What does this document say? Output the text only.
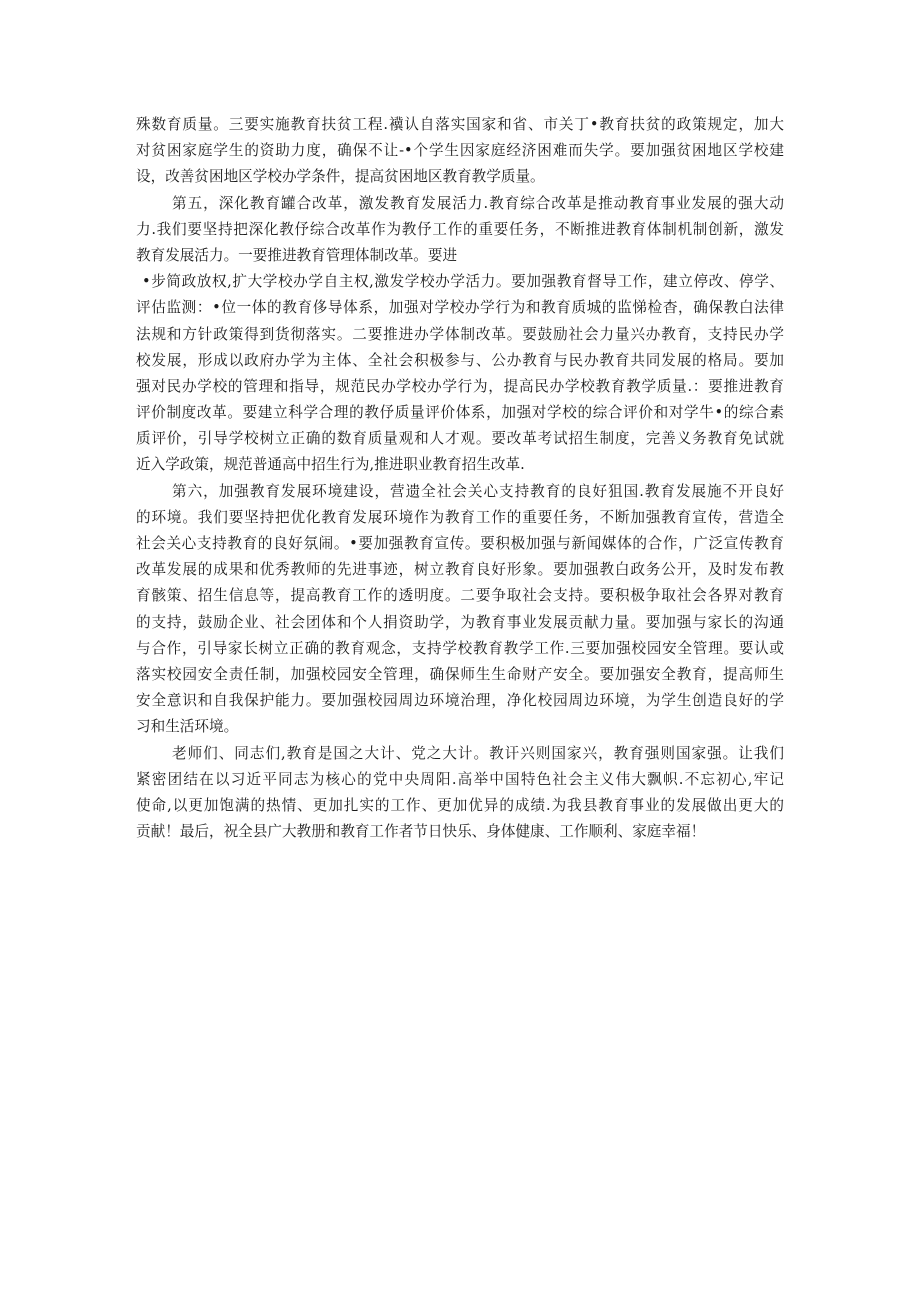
殊数育质量。三要实施教育扶贫工程.䙫认自落实国家和省、市关丁•教育扶贫的政策规定，加大
对贫困家庭学生的资助力度，确保不让-•个学生因家庭经济困难而失学。要加强贫困地区学校建
设，改善贫困地区学校办学条件，提高贫困地区教育教学质量。
第五，深化教育罐合改革，激发教育发展活力.教育综合改革是推动教育事业发展的强大动
力.我们要坚持把深化教伃综合改革作为教伃工作的重要任务，不断推进教育体制机制创新，激发
教育发展活力。一要推进教育管理体制改革。要进
•步简政放权,扩大学校办学自主权,激发学校办学活力。要加强教育督导工作，建立停改、停学、
评估监测：•位一体的教育侈导体系，加强对学校办学行为和教育质城的监悌检杳，确保教白法律
法规和方针政策得到货彻落实。二要推进办学体制改革。要鼓励社会力量兴办教育，支持民办学
校发展，形成以政府办学为主体、全社会积极参与、公办教育与民办教育共同发展的格局。要加
强对民办学校的管理和指导，规范民办学校办学行为，提高民办学校教育教学质量.：要推进教育
评价制度改革。要建立科学合理的教伃质量评价体系，加强对学校的综合评价和对学牛•的综合素
质评价，引导学校树立正确的数育质量观和人才观。要改革考试招生制度，完善义务教育免试就
近入学政策，规范普通高中招生行为,推进职业教育招生改革.
第六，加强教育发展环境建设，营遗全社会关心支持教育的良好狙国.教育发展施不开良好
的环境。我们要坚持把优化教育发展环境作为教育工作的重要任务，不断加强教育宣传，营造全
社会关心支持教育的良好氛闹。•要加强教育宣传。要积极加强与新闻媒体的合作，广泛宣传教育
改革发展的成果和优秀教师的先进事迹，树立教育良好形象。要加强教白政务公开，及时发布教
育骸策、招生信息等，提高教育工作的透明度。二要争取社会支持。要积极争取社会各界对教育
的支持，鼓励企业、社会团体和个人捐资助学，为教育事业发展贡献力量。要加强与家长的沟通
与合作，引导家长树立正确的教育观念，支持学校教育教学工作.三要加强校园安全管理。要认或
落实校园安全责任制，加强校园安全管理，确保师生生命财产安全。要加强安全教育，提高师生
安全意识和自我保护能力。要加强校园周边环境治理，净化校园周边环境，为学生创造良好的学
习和生活环境。
老师们、同志们,教育是国之大计、党之大计。教讦兴则国家兴，教育强则国家强。让我们
紧密团结在以习近平同志为核心的党中央周阳.高举中国特色社会主义伟大飘帜.不忘初心,牢记
使命,以更加饱满的热情、更加扎实的工作、更加优异的成绩.为我县教育事业的发展做出更大的
贡献！最后，祝全县广大教册和教育工作者节日快乐、身体健康、工作顺利、家庭幸福！
